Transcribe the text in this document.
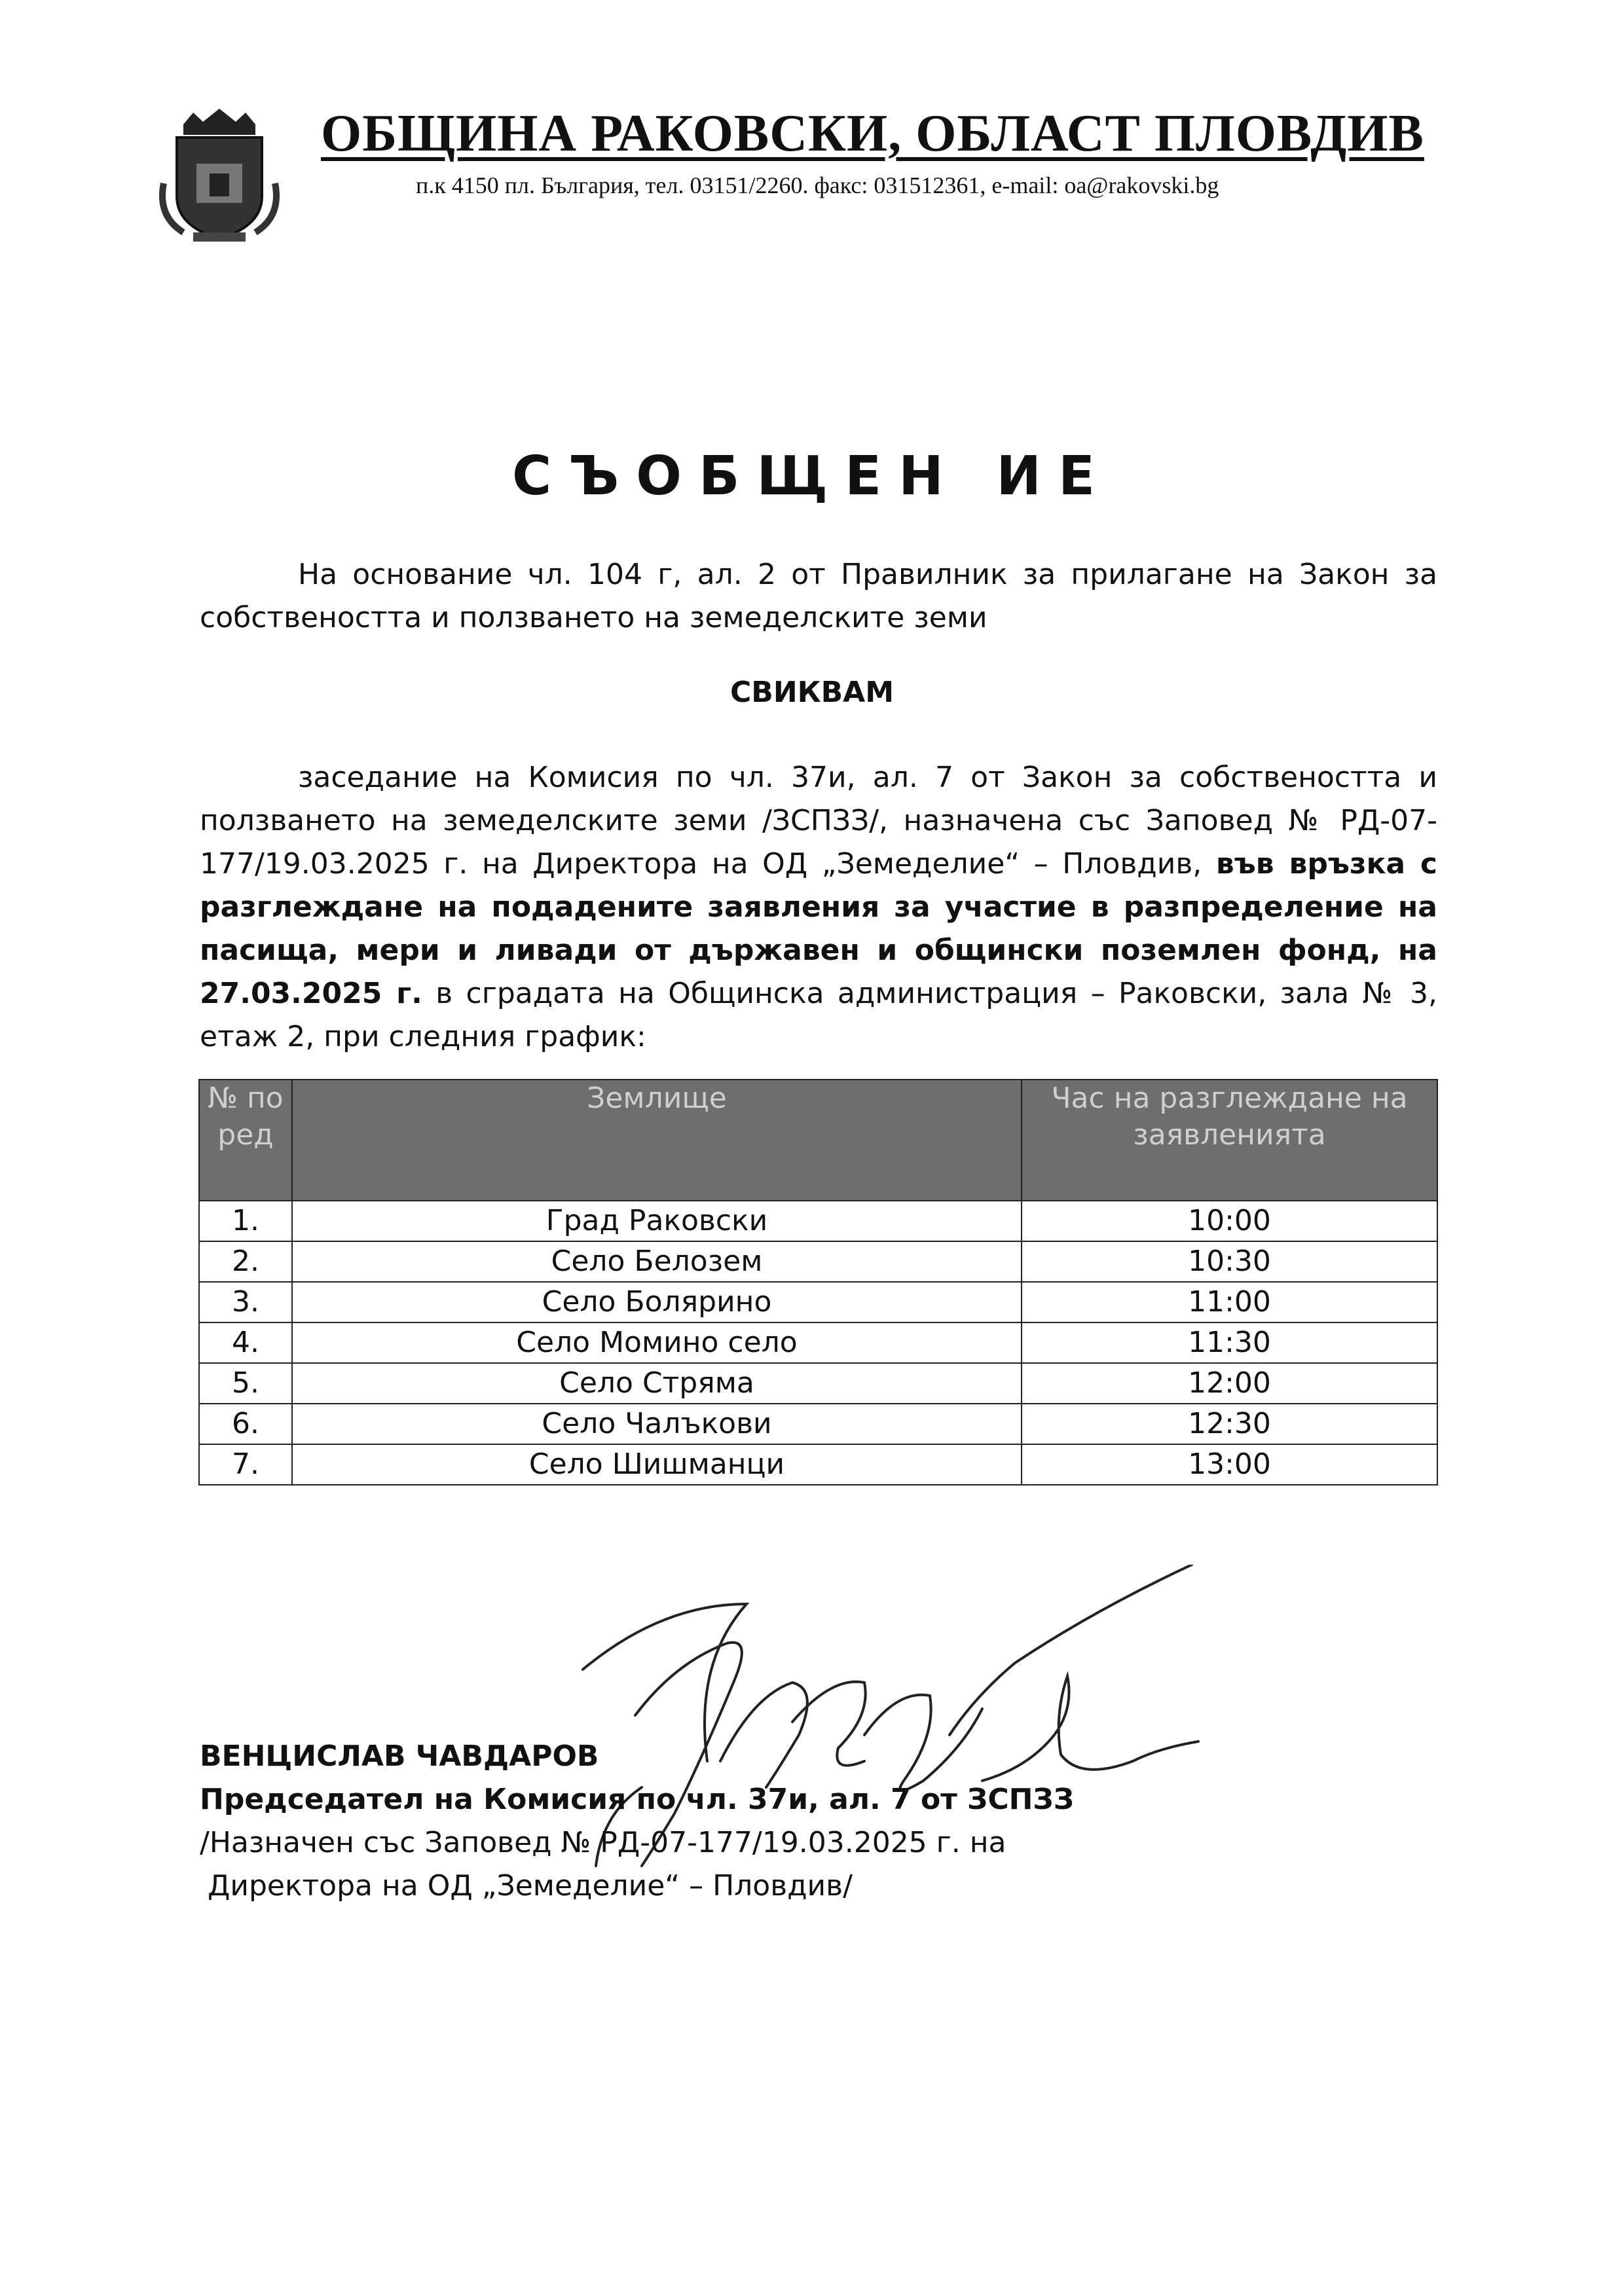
ОБЩИНА РАКОВСКИ, ОБЛАСТ ПЛОВДИВ
п.к 4150 пл. България, тел. 03151/2260. факс: 031512361, e-mail: oa@rakovski.bg
СЪОБЩЕН ИЕ
На основание чл. 104 г, ал. 2 от Правилник за прилагане на Закон за собствеността и ползването на земеделските земи
СВИКВАМ
заседание на Комисия по чл. 37и, ал. 7 от Закон за собствеността и ползването на земеделските земи /ЗСПЗЗ/, назначена със Заповед № РД-07-177/19.03.2025 г. на Директора на ОД „Земеделие“ – Пловдив, във връзка с разглеждане на подадените заявления за участие в разпределение на пасища, мери и ливади от държавен и общински поземлен фонд, на 27.03.2025 г. в сградата на Общинска администрация – Раковски, зала № 3, етаж 2, при следния график:
№ по ред	Землище	Час на разглеждане на заявленията
1.	Град Раковски	10:00
2.	Село Белозем	10:30
3.	Село Болярино	11:00
4.	Село Момино село	11:30
5.	Село Стряма	12:00
6.	Село Чалъкови	12:30
7.	Село Шишманци	13:00
ВЕНЦИСЛАВ ЧАВДАРОВ
Председател на Комисия по чл. 37и, ал. 7 от ЗСПЗЗ
/Назначен със Заповед № РД-07-177/19.03.2025 г. на
Директора на ОД „Земеделие“ – Пловдив/
